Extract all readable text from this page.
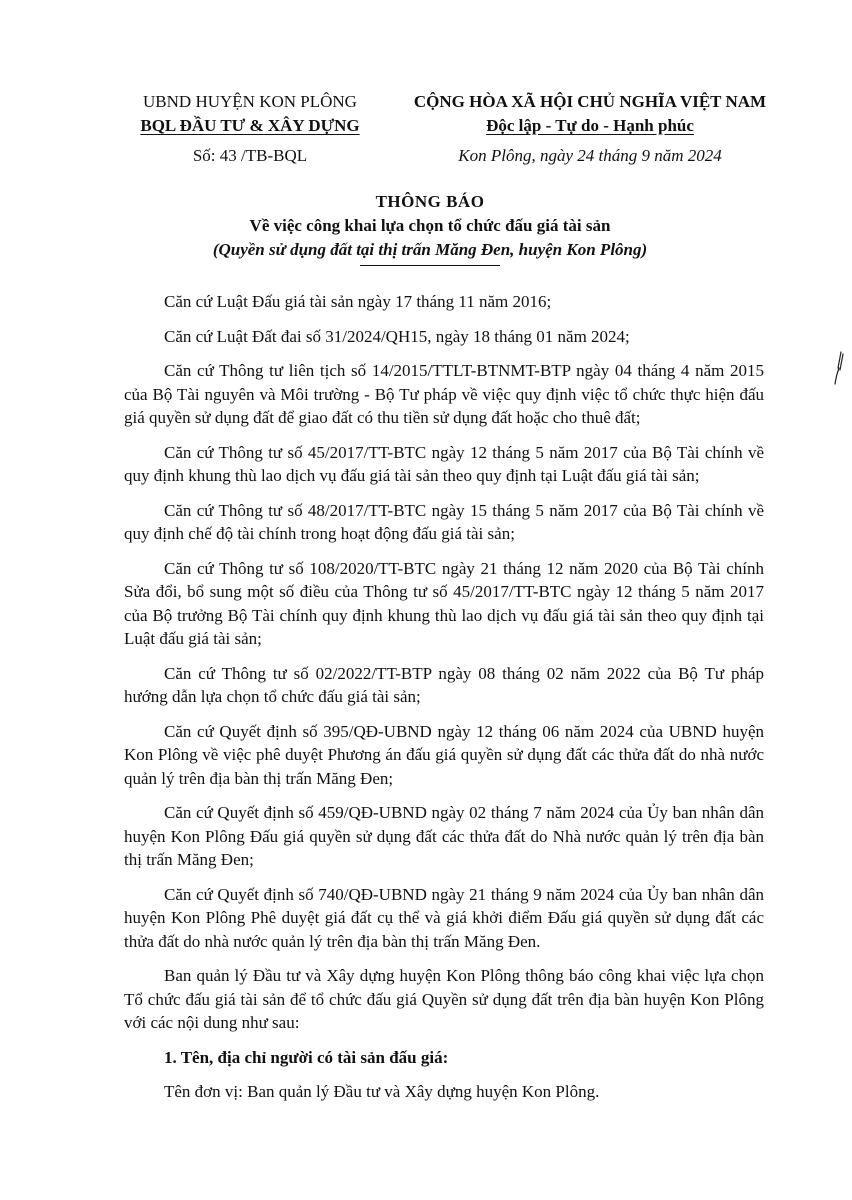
UBND HUYỆN KON PLÔNG
BQL ĐẦU TƯ & XÂY DỰNG
Số: 43 /TB-BQL
CỘNG HÒA XÃ HỘI CHỦ NGHĨA VIỆT NAM
Độc lập - Tự do - Hạnh phúc
Kon Plông, ngày 24 tháng 9 năm 2024
THÔNG BÁO
Về việc công khai lựa chọn tổ chức đấu giá tài sản
(Quyền sử dụng đất tại thị trấn Măng Đen, huyện Kon Plông)

Căn cứ Luật Đấu giá tài sản ngày 17 tháng 11 năm 2016;

Căn cứ Luật Đất đai số 31/2024/QH15, ngày 18 tháng 01 năm 2024;

Căn cứ Thông tư liên tịch số 14/2015/TTLT-BTNMT-BTP ngày 04 tháng 4 năm 2015 của Bộ Tài nguyên và Môi trường - Bộ Tư pháp về việc quy định việc tổ chức thực hiện đấu giá quyền sử dụng đất để giao đất có thu tiền sử dụng đất hoặc cho thuê đất;

Căn cứ Thông tư số 45/2017/TT-BTC ngày 12 tháng 5 năm 2017 của Bộ Tài chính về quy định khung thù lao dịch vụ đấu giá tài sản theo quy định tại Luật đấu giá tài sản;

Căn cứ Thông tư số 48/2017/TT-BTC ngày 15 tháng 5 năm 2017 của Bộ Tài chính về quy định chế độ tài chính trong hoạt động đấu giá tài sản;

Căn cứ Thông tư số 108/2020/TT-BTC ngày 21 tháng 12 năm 2020 của Bộ Tài chính Sửa đổi, bổ sung một số điều của Thông tư số 45/2017/TT-BTC ngày 12 tháng 5 năm 2017 của Bộ trưởng Bộ Tài chính quy định khung thù lao dịch vụ đấu giá tài sản theo quy định tại Luật đấu giá tài sản;

Căn cứ Thông tư số 02/2022/TT-BTP ngày 08 tháng 02 năm 2022 của Bộ Tư pháp hướng dẫn lựa chọn tổ chức đấu giá tài sản;

Căn cứ Quyết định số 395/QĐ-UBND ngày 12 tháng 06 năm 2024 của UBND huyện Kon Plông về việc phê duyệt Phương án đấu giá quyền sử dụng đất các thửa đất do nhà nước quản lý trên địa bàn thị trấn Măng Đen;

Căn cứ Quyết định số 459/QĐ-UBND ngày 02 tháng 7 năm 2024 của Ủy ban nhân dân huyện Kon Plông Đấu giá quyền sử dụng đất các thửa đất do Nhà nước quản lý trên địa bàn thị trấn Măng Đen;

Căn cứ Quyết định số 740/QĐ-UBND ngày 21 tháng 9 năm 2024 của Ủy ban nhân dân huyện Kon Plông Phê duyệt giá đất cụ thể và giá khởi điểm Đấu giá quyền sử dụng đất các thửa đất do nhà nước quản lý trên địa bàn thị trấn Măng Đen.

Ban quản lý Đầu tư và Xây dựng huyện Kon Plông thông báo công khai việc lựa chọn Tổ chức đấu giá tài sản để tổ chức đấu giá Quyền sử dụng đất trên địa bàn huyện Kon Plông với các nội dung như sau:

1. Tên, địa chỉ người có tài sản đấu giá:

Tên đơn vị: Ban quản lý Đầu tư và Xây dựng huyện Kon Plông.
